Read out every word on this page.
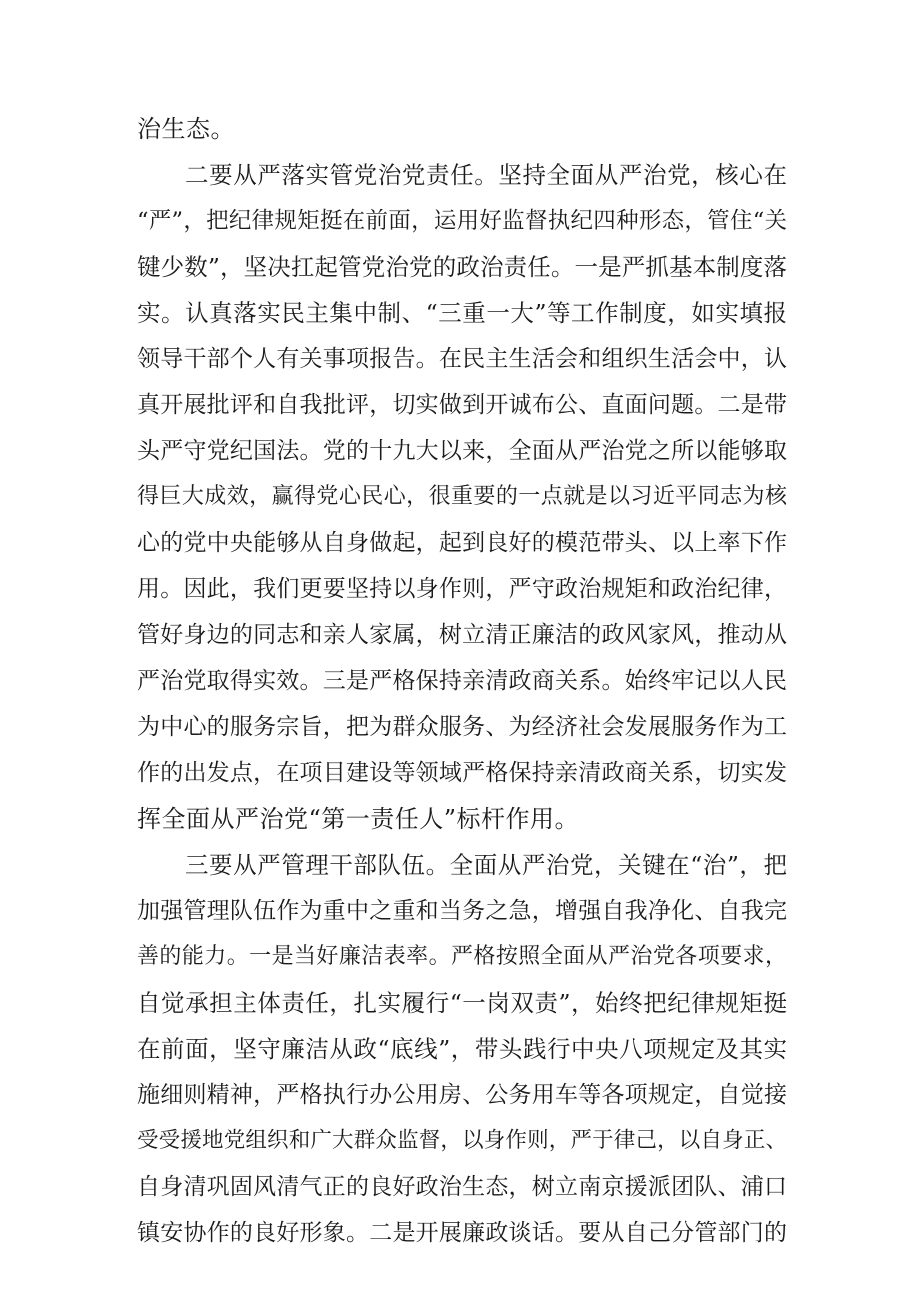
治生态。
二要从严落实管党治党责任。坚持全面从严治党，核心在
“严”，把纪律规矩挺在前面，运用好监督执纪四种形态，管住“关
键少数”，坚决扛起管党治党的政治责任。一是严抓基本制度落
实。认真落实民主集中制、“三重一大”等工作制度，如实填报
领导干部个人有关事项报告。在民主生活会和组织生活会中，认
真开展批评和自我批评，切实做到开诚布公、直面问题。二是带
头严守党纪国法。党的十九大以来，全面从严治党之所以能够取
得巨大成效，赢得党心民心，很重要的一点就是以习近平同志为核
心的党中央能够从自身做起，起到良好的模范带头、以上率下作
用。因此，我们更要坚持以身作则，严守政治规矩和政治纪律，
管好身边的同志和亲人家属，树立清正廉洁的政风家风，推动从
严治党取得实效。三是严格保持亲清政商关系。始终牢记以人民
为中心的服务宗旨，把为群众服务、为经济社会发展服务作为工
作的出发点，在项目建设等领域严格保持亲清政商关系，切实发
挥全面从严治党“第一责任人”标杆作用。
三要从严管理干部队伍。全面从严治党，关键在“治”，把
加强管理队伍作为重中之重和当务之急，增强自我净化、自我完
善的能力。一是当好廉洁表率。严格按照全面从严治党各项要求，
自觉承担主体责任，扎实履行“一岗双责”，始终把纪律规矩挺
在前面，坚守廉洁从政“底线”，带头践行中央八项规定及其实
施细则精神，严格执行办公用房、公务用车等各项规定，自觉接
受受援地党组织和广大群众监督，以身作则，严于律己，以自身正、
自身清巩固风清气正的良好政治生态，树立南京援派团队、浦口
镇安协作的良好形象。二是开展廉政谈话。要从自己分管部门的
